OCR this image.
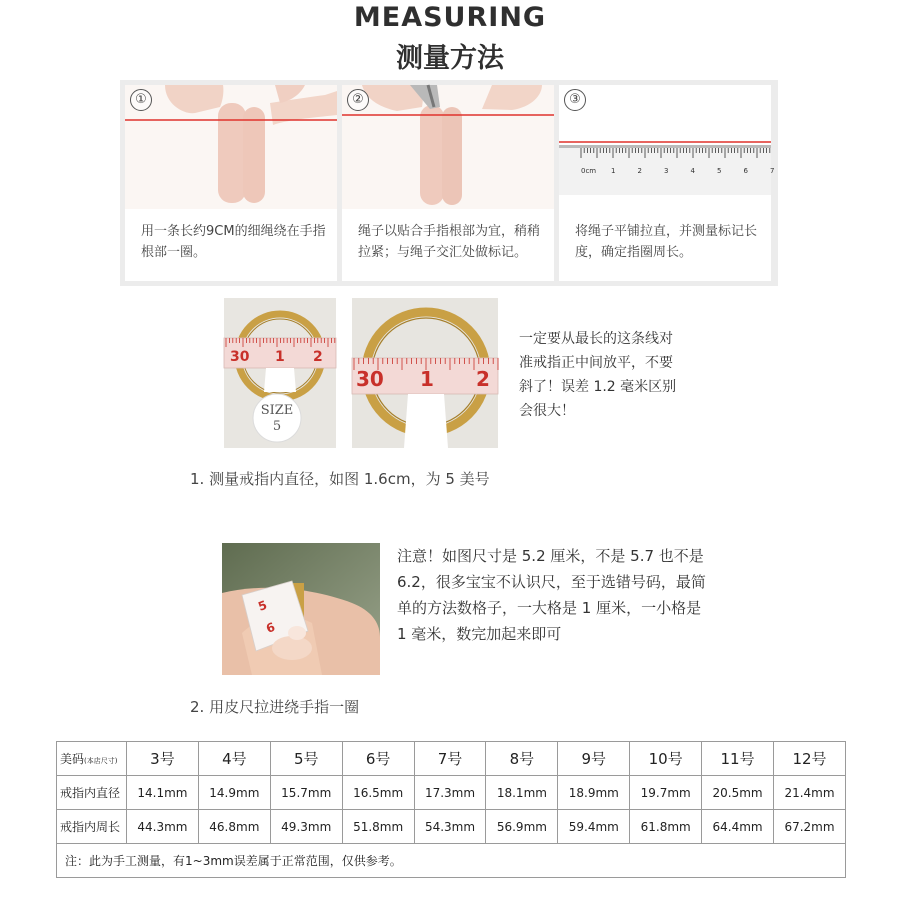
MEASURING
测量方法
①
用一条长约9CM的细绳绕在手指根部一圈。
②
绳子以贴合手指根部为宜，稍稍拉紧；与绳子交汇处做标记。
0cm 1	2	3	4	5	6	7
③
将绳子平铺拉直，并测量标记长度，确定指圈周长。
30 1 2
SIZE
5
30 1 2
一定要从最长的这条线对准戒指正中间放平，不要斜了！误差 1.2 毫米区别会很大！
1. 测量戒指内直径，如图 1.6cm，为 5 美号
5
6
注意！如图尺寸是 5.2 厘米，不是 5.7 也不是 6.2，很多宝宝不认识尺，至于选错号码，最简单的方法数格子，一大格是 1 厘米，一小格是 1 毫米，数完加起来即可
2. 用皮尺拉进绕手指一圈
美码(本店尺寸)	3号	4号	5号	6号	7号	8号	9号	10号	11号	12号
戒指内直径	14.1mm	14.9mm	15.7mm	16.5mm	17.3mm	18.1mm	18.9mm	19.7mm	20.5mm	21.4mm
戒指内周长	44.3mm	46.8mm	49.3mm	51.8mm	54.3mm	56.9mm	59.4mm	61.8mm	64.4mm	67.2mm
注：此为手工测量，有1~3mm误差属于正常范围，仅供参考。										
